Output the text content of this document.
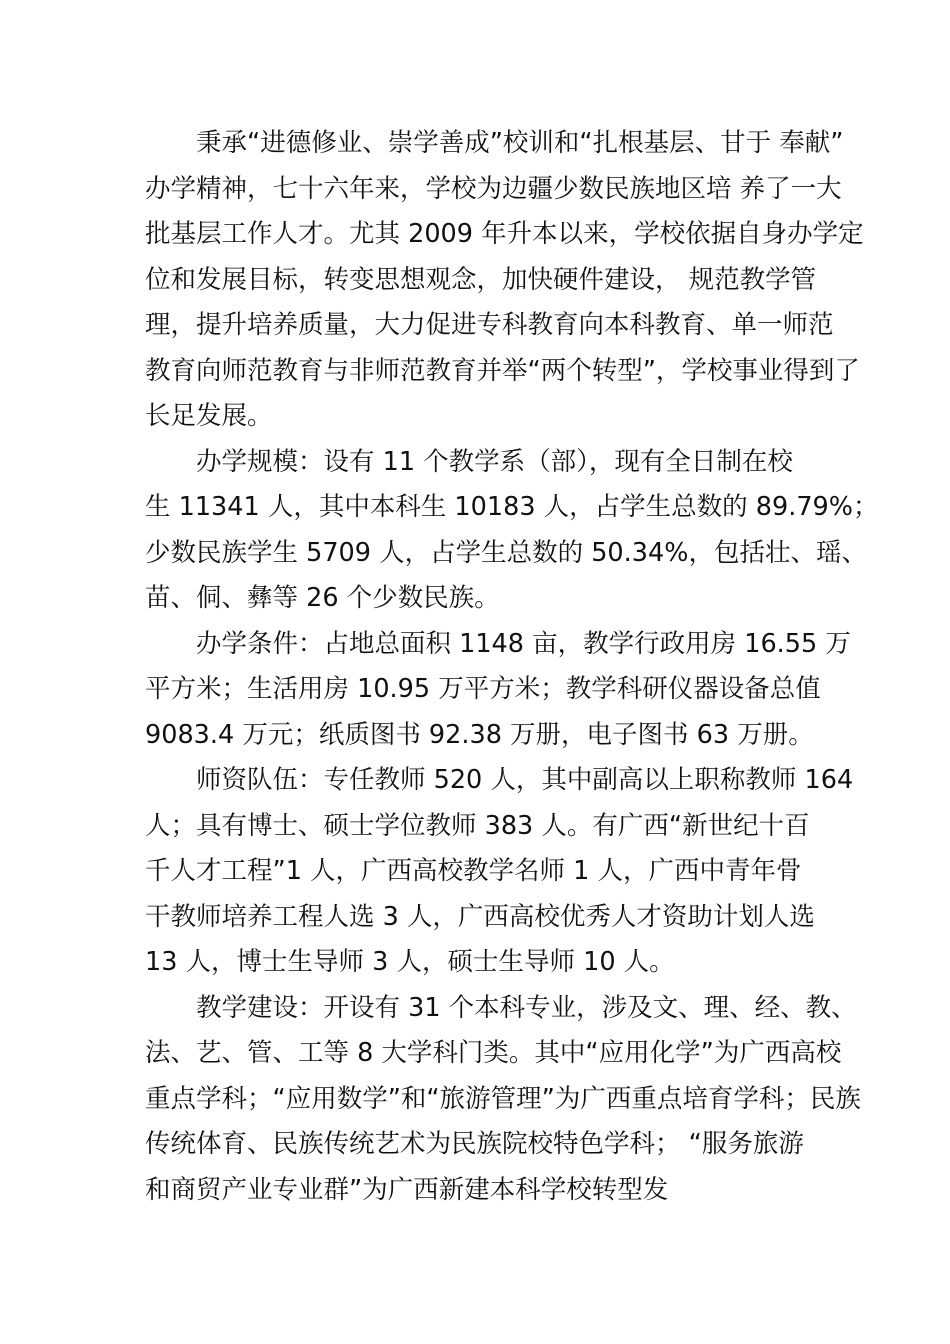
秉承“进德修业、崇学善成”校训和“扎根基层、甘于 奉献”
办学精神，七十六年来，学校为边疆少数民族地区培 养了一大
批基层工作人才。尤其 2009 年升本以来，学校依据自身办学定
位和发展目标，转变思想观念，加快硬件建设， 规范教学管
理，提升培养质量，大力促进专科教育向本科教育、单一师范
教育向师范教育与非师范教育并举“两个转型”，学校事业得到了
长足发展。

办学规模：设有 11 个教学系（部），现有全日制在校
生 11341 人，其中本科生 10183 人，占学生总数的 89.79%；
少数民族学生 5709 人，占学生总数的 50.34%，包括壮、瑶、
苗、侗、彝等 26 个少数民族。

办学条件：占地总面积 1148 亩，教学行政用房 16.55 万
平方米；生活用房 10.95 万平方米；教学科研仪器设备总值
9083.4 万元；纸质图书 92.38 万册，电子图书 63 万册。

师资队伍：专任教师 520 人，其中副高以上职称教师 164
人；具有博士、硕士学位教师 383 人。有广西“新世纪十百
千人才工程”1 人，广西高校教学名师 1 人，广西中青年骨
干教师培养工程人选 3 人，广西高校优秀人才资助计划人选
13 人，博士生导师 3 人，硕士生导师 10 人。

教学建设：开设有 31 个本科专业，涉及文、理、经、教、
法、艺、管、工等 8 大学科门类。其中“应用化学”为广西高校
重点学科；“应用数学”和“旅游管理”为广西重点培育学科；民族
传统体育、民族传统艺术为民族院校特色学科； “服务旅游
和商贸产业专业群”为广西新建本科学校转型发
